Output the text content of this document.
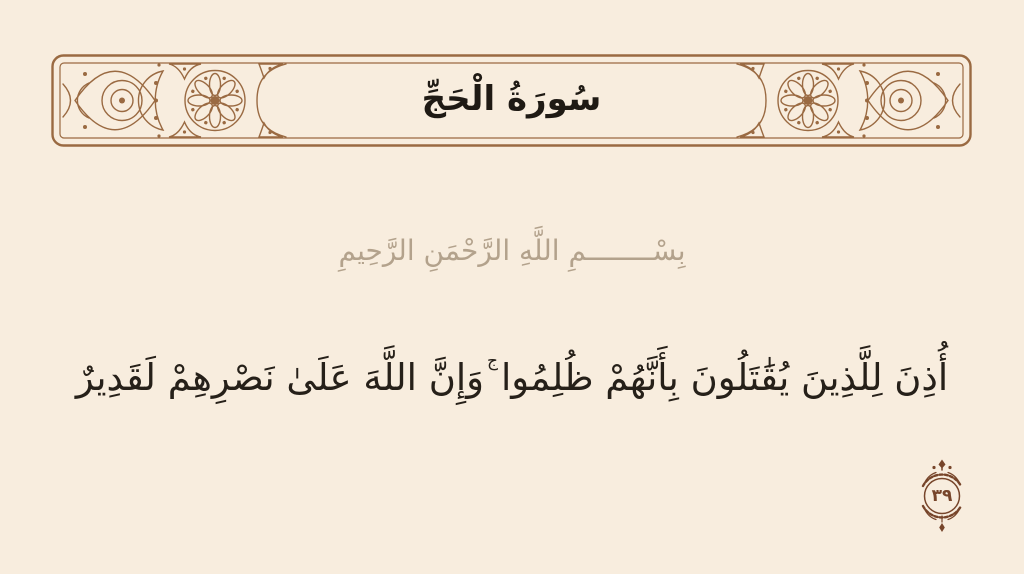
سُورَةُ الْحَجِّ
بِسْــــــــمِ اللَّهِ الرَّحْمَنِ الرَّحِيمِ
أُذِنَ لِلَّذِينَ يُقَٰتَلُونَ بِأَنَّهُمْ ظُلِمُواجوَإِنَّ اللَّهَ عَلَىٰ نَصْرِهِمْ لَقَدِيرٌ
٣٩
